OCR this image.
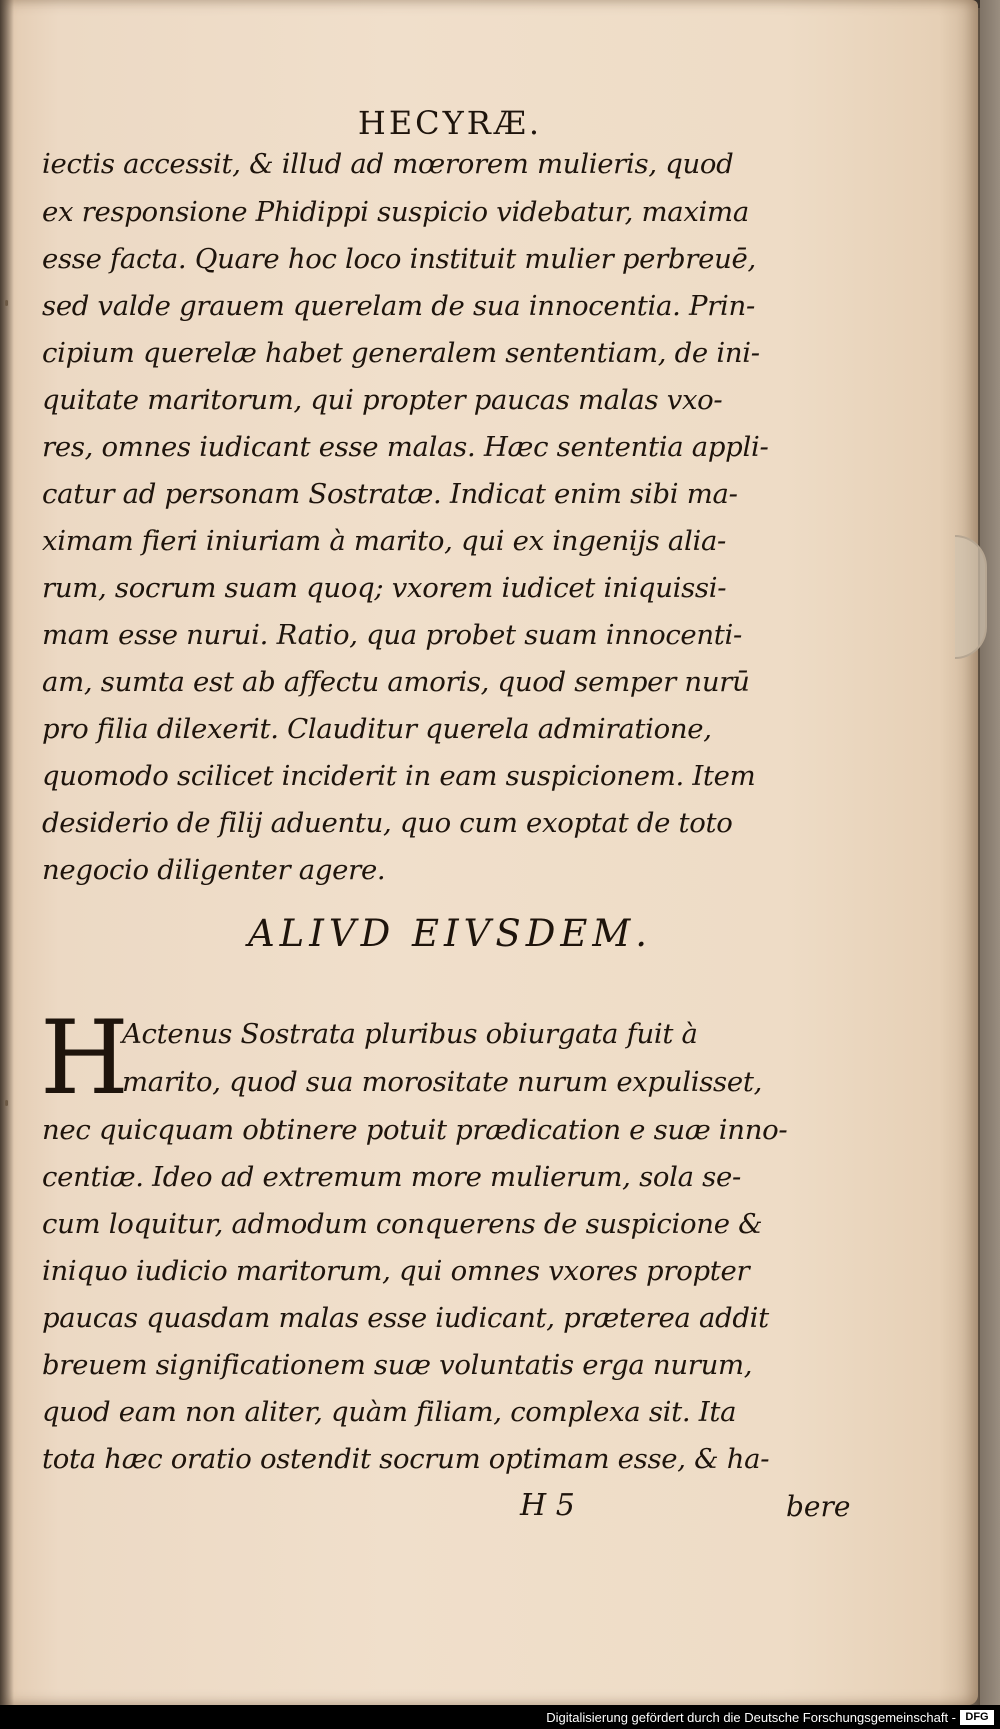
HECYRÆ.
iectis accessit, & illud ad mœrorem mulieris, quod
ex responsione Phidippi suspicio videbatur, maxima
esse facta. Quare hoc loco instituit mulier perbreuē,
sed valde grauem querelam de sua innocentia. Prin-
cipium querelæ habet generalem sententiam, de ini-
quitate maritorum, qui propter paucas malas vxo-
res, omnes iudicant esse malas. Hæc sententia appli-
catur ad personam Sostratæ. Indicat enim sibi ma-
ximam fieri iniuriam à marito, qui ex ingenijs alia-
rum, socrum suam quoq; vxorem iudicet iniquissi-
mam esse nurui. Ratio, qua probet suam innocenti-
am, sumta est ab affectu amoris, quod semper nurū
pro filia dilexerit. Clauditur querela admiratione,
quomodo scilicet inciderit in eam suspicionem. Item
desiderio de filij aduentu, quo cum exoptat de toto
negocio diligenter agere.
ALIVD EIVSDEM.
H
Actenus Sostrata pluribus obiurgata fuit à
marito, quod sua morositate nurum expulisset,
nec quicquam obtinere potuit prædication e suæ inno-
centiæ. Ideo ad extremum more mulierum, sola se-
cum loquitur, admodum conquerens de suspicione &
iniquo iudicio maritorum, qui omnes vxores propter
paucas quasdam malas esse iudicant, præterea addit
breuem significationem suæ voluntatis erga nurum,
quod eam non aliter, quàm filiam, complexa sit. Ita
tota hæc oratio ostendit socrum optimam esse, & ha-
H 5	bere
Digitalisierung gefördert durch die Deutsche Forschungsgemeinschaft - DFG
